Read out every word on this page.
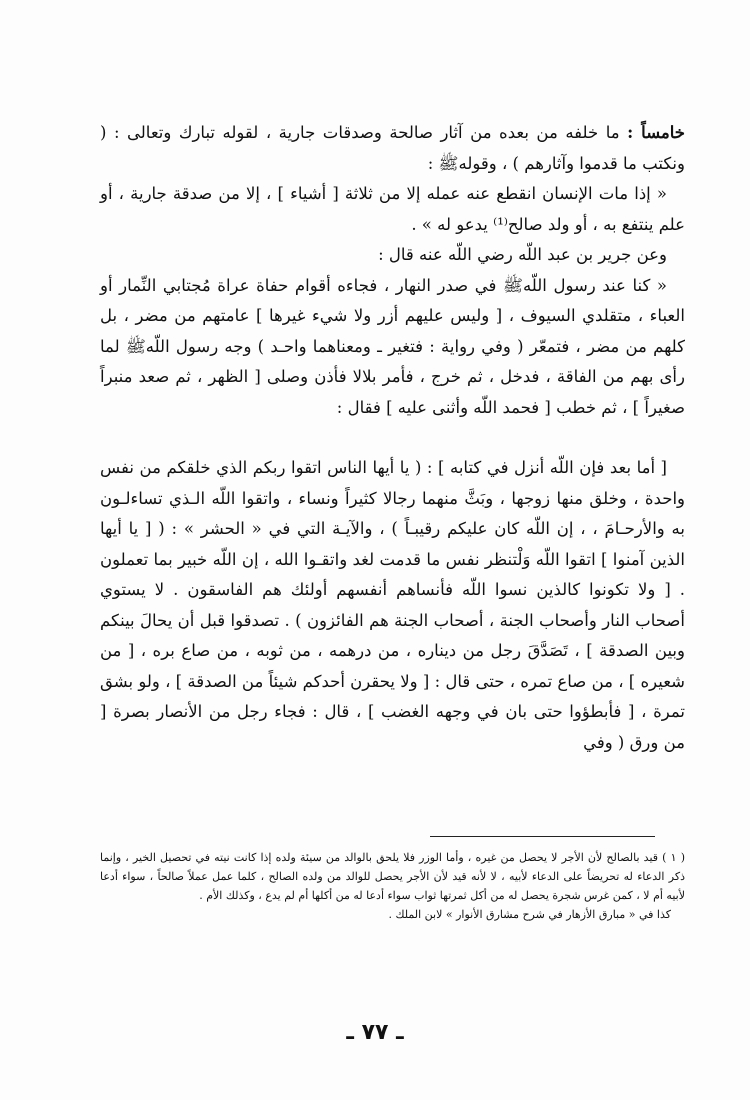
خامساً : ما خلفه من بعده من آثار صالحة وصدقات جارية ، لقوله تبارك وتعالى : ( ونكتب ما قدموا وآثارهم ) ، وقولهﷺ :

« إذا مات الإنسان انقطع عنه عمله إلا من ثلاثة [ أشياء ] ، إلا من صدقة جارية ، أو علم ينتفع به ، أو ولد صالح⁽¹⁾ يدعو له » .

وعن جرير بن عبد اللّه رضي اللّه عنه قال :

« كنا عند رسول اللّهﷺ في صدر النهار ، فجاءه أقوام حفاة عراة مُجتابي النِّمار أو العباء ، متقلدي السيوف ، [ وليس عليهم أزر ولا شيء غيرها ] عامتهم من مضر ، بل كلهم من مضر ، فتمعّر ( وفي رواية : فتغير ـ ومعناهما واحـد ) وجه رسول اللّهﷺ لما رأى بهم من الفاقة ، فدخل ، ثم خرج ، فأمر بلالا فأذن وصلى [ الظهر ، ثم صعد منبراً صغيراً ] ، ثم خطب [ فحمد اللّه وأثنى عليه ] فقال :

[ أما بعد فإن اللّه أنزل في كتابه ] : ( يا أيها الناس اتقوا ربكم الذي خلقكم من نفس واحدة ، وخلق منها زوجها ، وبَثَّ منهما رجالا كثيراً ونساء ، واتقوا اللّه الـذي تساءلـون به والأرحـامَ ، ، إن اللّه كان عليكم رقيبـاً ) ، والآيـة التي في « الحشر » : ( [ يا أيها الذين آمنوا ] اتقوا اللّه وَلْتنظر نفس ما قدمت لغد واتقـوا الله ، إن اللّه خبير بما تعملون . [ ولا تكونوا كالذين نسوا اللّه فأنساهم أنفسهم أولئك هم الفاسقون . لا يستوي أصحاب النار وأصحاب الجنة ، أصحاب الجنة هم الفائزون ) . تصدقوا قبل أن يحالَ بينكم وبين الصدقة ] ، تَصَدَّقَ رجل من ديناره ، من درهمه ، من ثوبه ، من صاع بره ، [ من شعيره ] ، من صاع تمره ، حتى قال : [ ولا يحقرن أحدكم شيئاً من الصدقة ] ، ولو بشق تمرة ، [ فأبطؤوا حتى بان في وجهه الغضب ] ، قال : فجاء رجل من الأنصار بصرة [ من ورق ( وفي

( ١ ) قيد بالصالح لأن الأجر لا يحصل من غيره ، وأما الوزر فلا يلحق بالوالد من سيئة ولده إذا كانت نيته في تحصيل الخير ، وإنما ذكر الدعاء له تحريضاً على الدعاء لأبيه ، لا لأنه قيد لأن الأجر يحصل للوالد من ولده الصالح ، كلما عمل عملاً صالحاً ، سواء أدعا لأبيه أم لا ، كمن غرس شجرة يحصل له من أكل ثمرتها ثواب سواء أدعا له من أكلها أم لم يدع ، وكذلك الأم .

كذا في « مبارق الأزهار في شرح مشارق الأنوار » لابن الملك .

ـ ٧٧ ـ
